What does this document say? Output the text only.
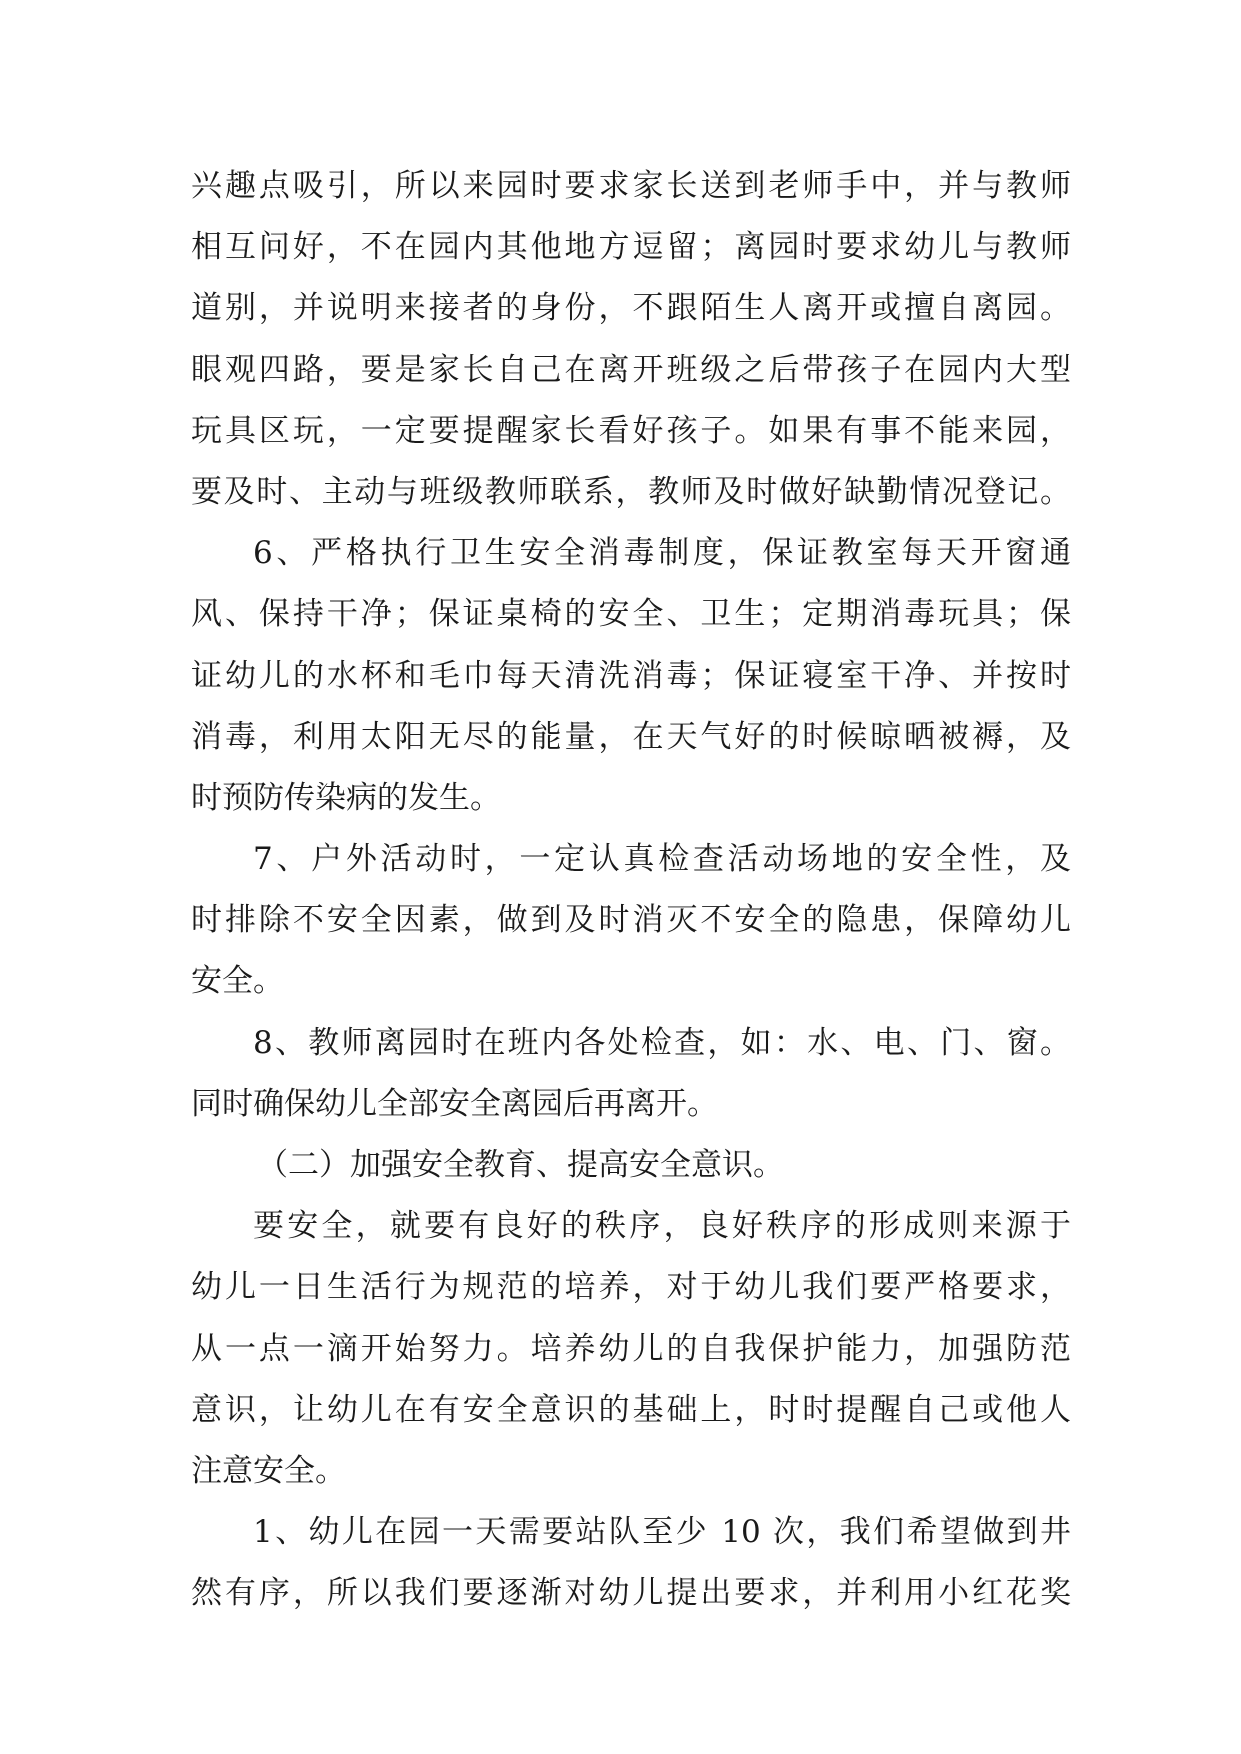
兴趣点吸引，所以来园时要求家长送到老师手中，并与教师
相互问好，不在园内其他地方逗留；离园时要求幼儿与教师
道别，并说明来接者的身份，不跟陌生人离开或擅自离园。
眼观四路，要是家长自己在离开班级之后带孩子在园内大型
玩具区玩，一定要提醒家长看好孩子。如果有事不能来园，
要及时、主动与班级教师联系，教师及时做好缺勤情况登记。
6、严格执行卫生安全消毒制度，保证教室每天开窗通
风、保持干净；保证桌椅的安全、卫生；定期消毒玩具；保
证幼儿的水杯和毛巾每天清洗消毒；保证寝室干净、并按时
消毒，利用太阳无尽的能量，在天气好的时候晾晒被褥，及
时预防传染病的发生。
7、户外活动时，一定认真检查活动场地的安全性，及
时排除不安全因素，做到及时消灭不安全的隐患，保障幼儿
安全。
8、教师离园时在班内各处检查，如：水、电、门、窗。
同时确保幼儿全部安全离园后再离开。
（二）加强安全教育、提高安全意识。
要安全，就要有良好的秩序，良好秩序的形成则来源于
幼儿一日生活行为规范的培养，对于幼儿我们要严格要求，
从一点一滴开始努力。培养幼儿的自我保护能力，加强防范
意识，让幼儿在有安全意识的基础上，时时提醒自己或他人
注意安全。
1、幼儿在园一天需要站队至少 10 次，我们希望做到井
然有序，所以我们要逐渐对幼儿提出要求，并利用小红花奖
